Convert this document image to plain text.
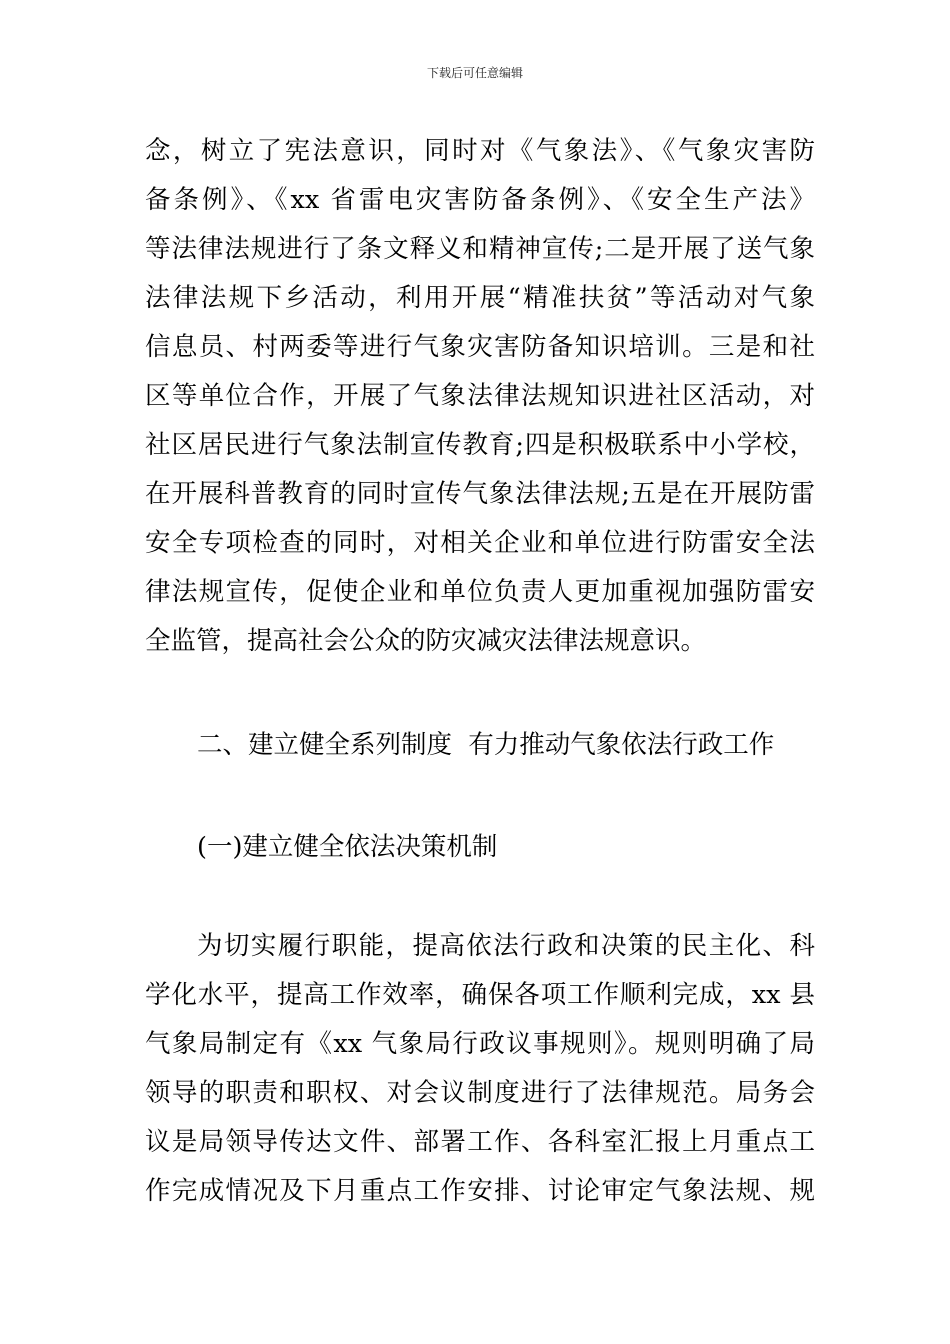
下载后可任意编辑
念，树立了宪法意识，同时对《气象法》、《气象灾害防
备条例》、《xx 省雷电灾害防备条例》、《安全生产法》
等法律法规进行了条文释义和精神宣传;二是开展了送气象
法律法规下乡活动，利用开展“精准扶贫”等活动对气象
信息员、村两委等进行气象灾害防备知识培训。三是和社
区等单位合作，开展了气象法律法规知识进社区活动，对
社区居民进行气象法制宣传教育;四是积极联系中小学校，
在开展科普教育的同时宣传气象法律法规;五是在开展防雷
安全专项检查的同时，对相关企业和单位进行防雷安全法
律法规宣传，促使企业和单位负责人更加重视加强防雷安
全监管，提高社会公众的防灾减灾法律法规意识。
二、建立健全系列制度  有力推动气象依法行政工作
(一)建立健全依法决策机制
为切实履行职能，提高依法行政和决策的民主化、科
学化水平，提高工作效率，确保各项工作顺利完成，xx 县
气象局制定有《xx 气象局行政议事规则》。规则明确了局
领导的职责和职权、对会议制度进行了法律规范。局务会
议是局领导传达文件、部署工作、各科室汇报上月重点工
作完成情况及下月重点工作安排、讨论审定气象法规、规
